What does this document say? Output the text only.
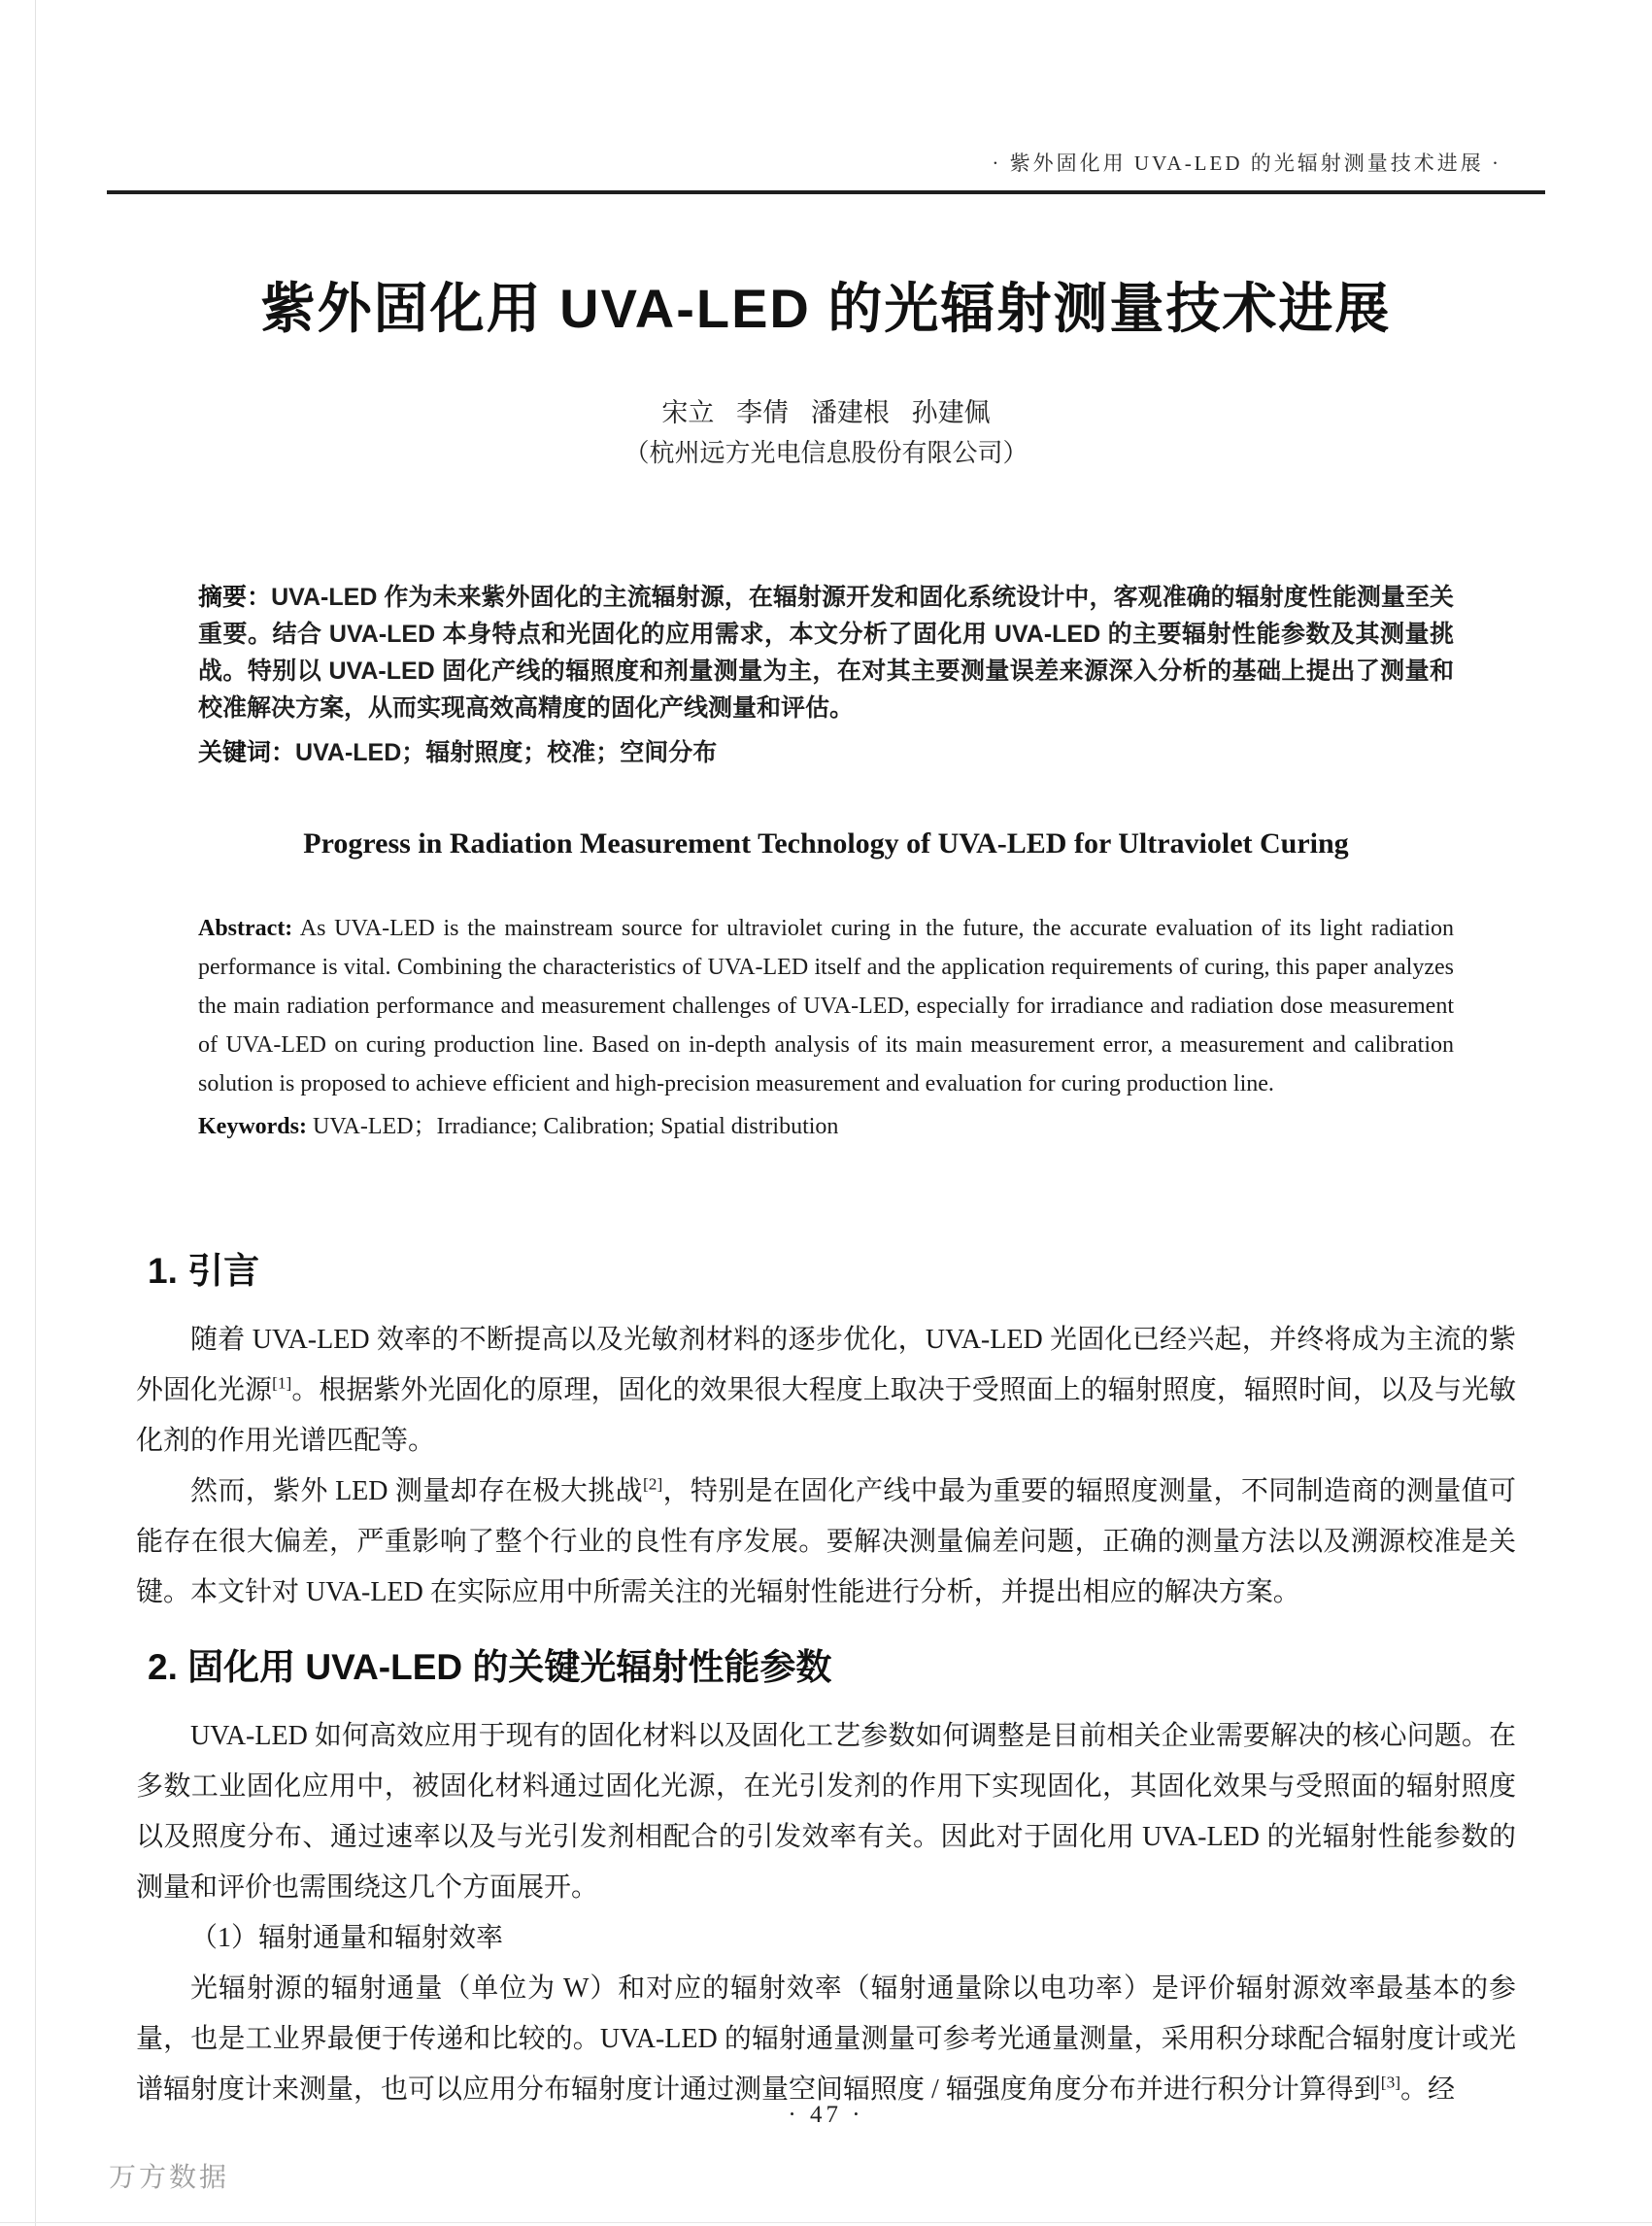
· 紫外固化用 UVA-LED 的光辐射测量技术进展 ·
紫外固化用 UVA-LED 的光辐射测量技术进展
宋立 李倩 潘建根 孙建佩
（杭州远方光电信息股份有限公司）
摘要：UVA-LED 作为未来紫外固化的主流辐射源，在辐射源开发和固化系统设计中，客观准确的辐射度性能测量至关重要。结合 UVA-LED 本身特点和光固化的应用需求，本文分析了固化用 UVA-LED 的主要辐射性能参数及其测量挑战。特别以 UVA-LED 固化产线的辐照度和剂量测量为主，在对其主要测量误差来源深入分析的基础上提出了测量和校准解决方案，从而实现高效高精度的固化产线测量和评估。
关键词：UVA-LED；辐射照度；校准；空间分布
Progress in Radiation Measurement Technology of UVA-LED for Ultraviolet Curing
Abstract: As UVA-LED is the mainstream source for ultraviolet curing in the future, the accurate evaluation of its light radiation performance is vital. Combining the characteristics of UVA-LED itself and the application requirements of curing, this paper analyzes the main radiation performance and measurement challenges of UVA-LED, especially for irradiance and radiation dose measurement of UVA-LED on curing production line. Based on in-depth analysis of its main measurement error, a measurement and calibration solution is proposed to achieve efficient and high-precision measurement and evaluation for curing production line.
Keywords: UVA-LED；Irradiance; Calibration; Spatial distribution
1. 引言

随着 UVA-LED 效率的不断提高以及光敏剂材料的逐步优化，UVA-LED 光固化已经兴起，并终将成为主流的紫外固化光源[1]。根据紫外光固化的原理，固化的效果很大程度上取决于受照面上的辐射照度，辐照时间，以及与光敏化剂的作用光谱匹配等。

然而，紫外 LED 测量却存在极大挑战[2]，特别是在固化产线中最为重要的辐照度测量，不同制造商的测量值可能存在很大偏差，严重影响了整个行业的良性有序发展。要解决测量偏差问题，正确的测量方法以及溯源校准是关键。本文针对 UVA-LED 在实际应用中所需关注的光辐射性能进行分析，并提出相应的解决方案。

2. 固化用 UVA-LED 的关键光辐射性能参数

UVA-LED 如何高效应用于现有的固化材料以及固化工艺参数如何调整是目前相关企业需要解决的核心问题。在多数工业固化应用中，被固化材料通过固化光源，在光引发剂的作用下实现固化，其固化效果与受照面的辐射照度以及照度分布、通过速率以及与光引发剂相配合的引发效率有关。因此对于固化用 UVA-LED 的光辐射性能参数的测量和评价也需围绕这几个方面展开。

（1）辐射通量和辐射效率

光辐射源的辐射通量（单位为 W）和对应的辐射效率（辐射通量除以电功率）是评价辐射源效率最基本的参量，也是工业界最便于传递和比较的。UVA-LED 的辐射通量测量可参考光通量测量，采用积分球配合辐射度计或光谱辐射度计来测量，也可以应用分布辐射度计通过测量空间辐照度 / 辐强度角度分布并进行积分计算得到[3]。经

· 47 ·
万方数据
